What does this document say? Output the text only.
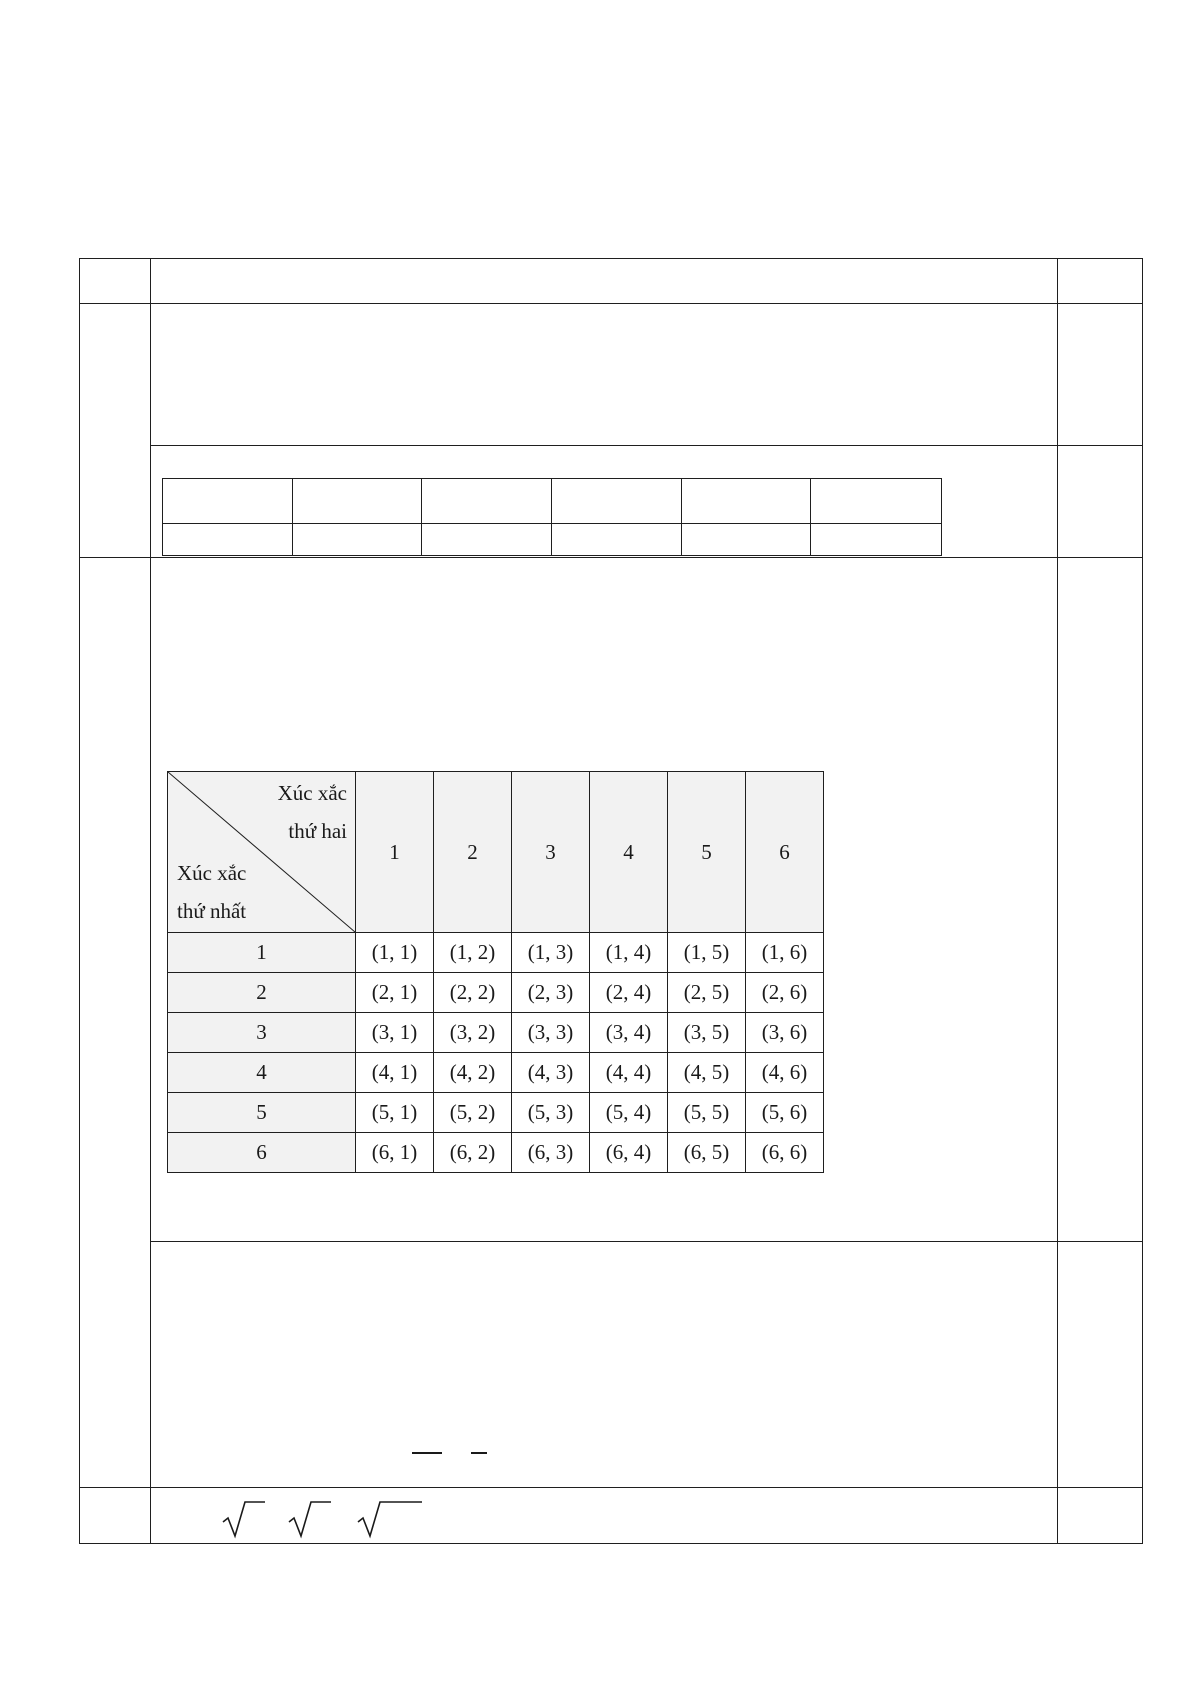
Xúc xắc
thứ hai
Xúc xắc
thứ nhất	1	2	3	4	5	6
1	(1, 1)	(1, 2)	(1, 3)	(1, 4)	(1, 5)	(1, 6)
2	(2, 1)	(2, 2)	(2, 3)	(2, 4)	(2, 5)	(2, 6)
3	(3, 1)	(3, 2)	(3, 3)	(3, 4)	(3, 5)	(3, 6)
4	(4, 1)	(4, 2)	(4, 3)	(4, 4)	(4, 5)	(4, 6)
5	(5, 1)	(5, 2)	(5, 3)	(5, 4)	(5, 5)	(5, 6)
6	(6, 1)	(6, 2)	(6, 3)	(6, 4)	(6, 5)	(6, 6)
